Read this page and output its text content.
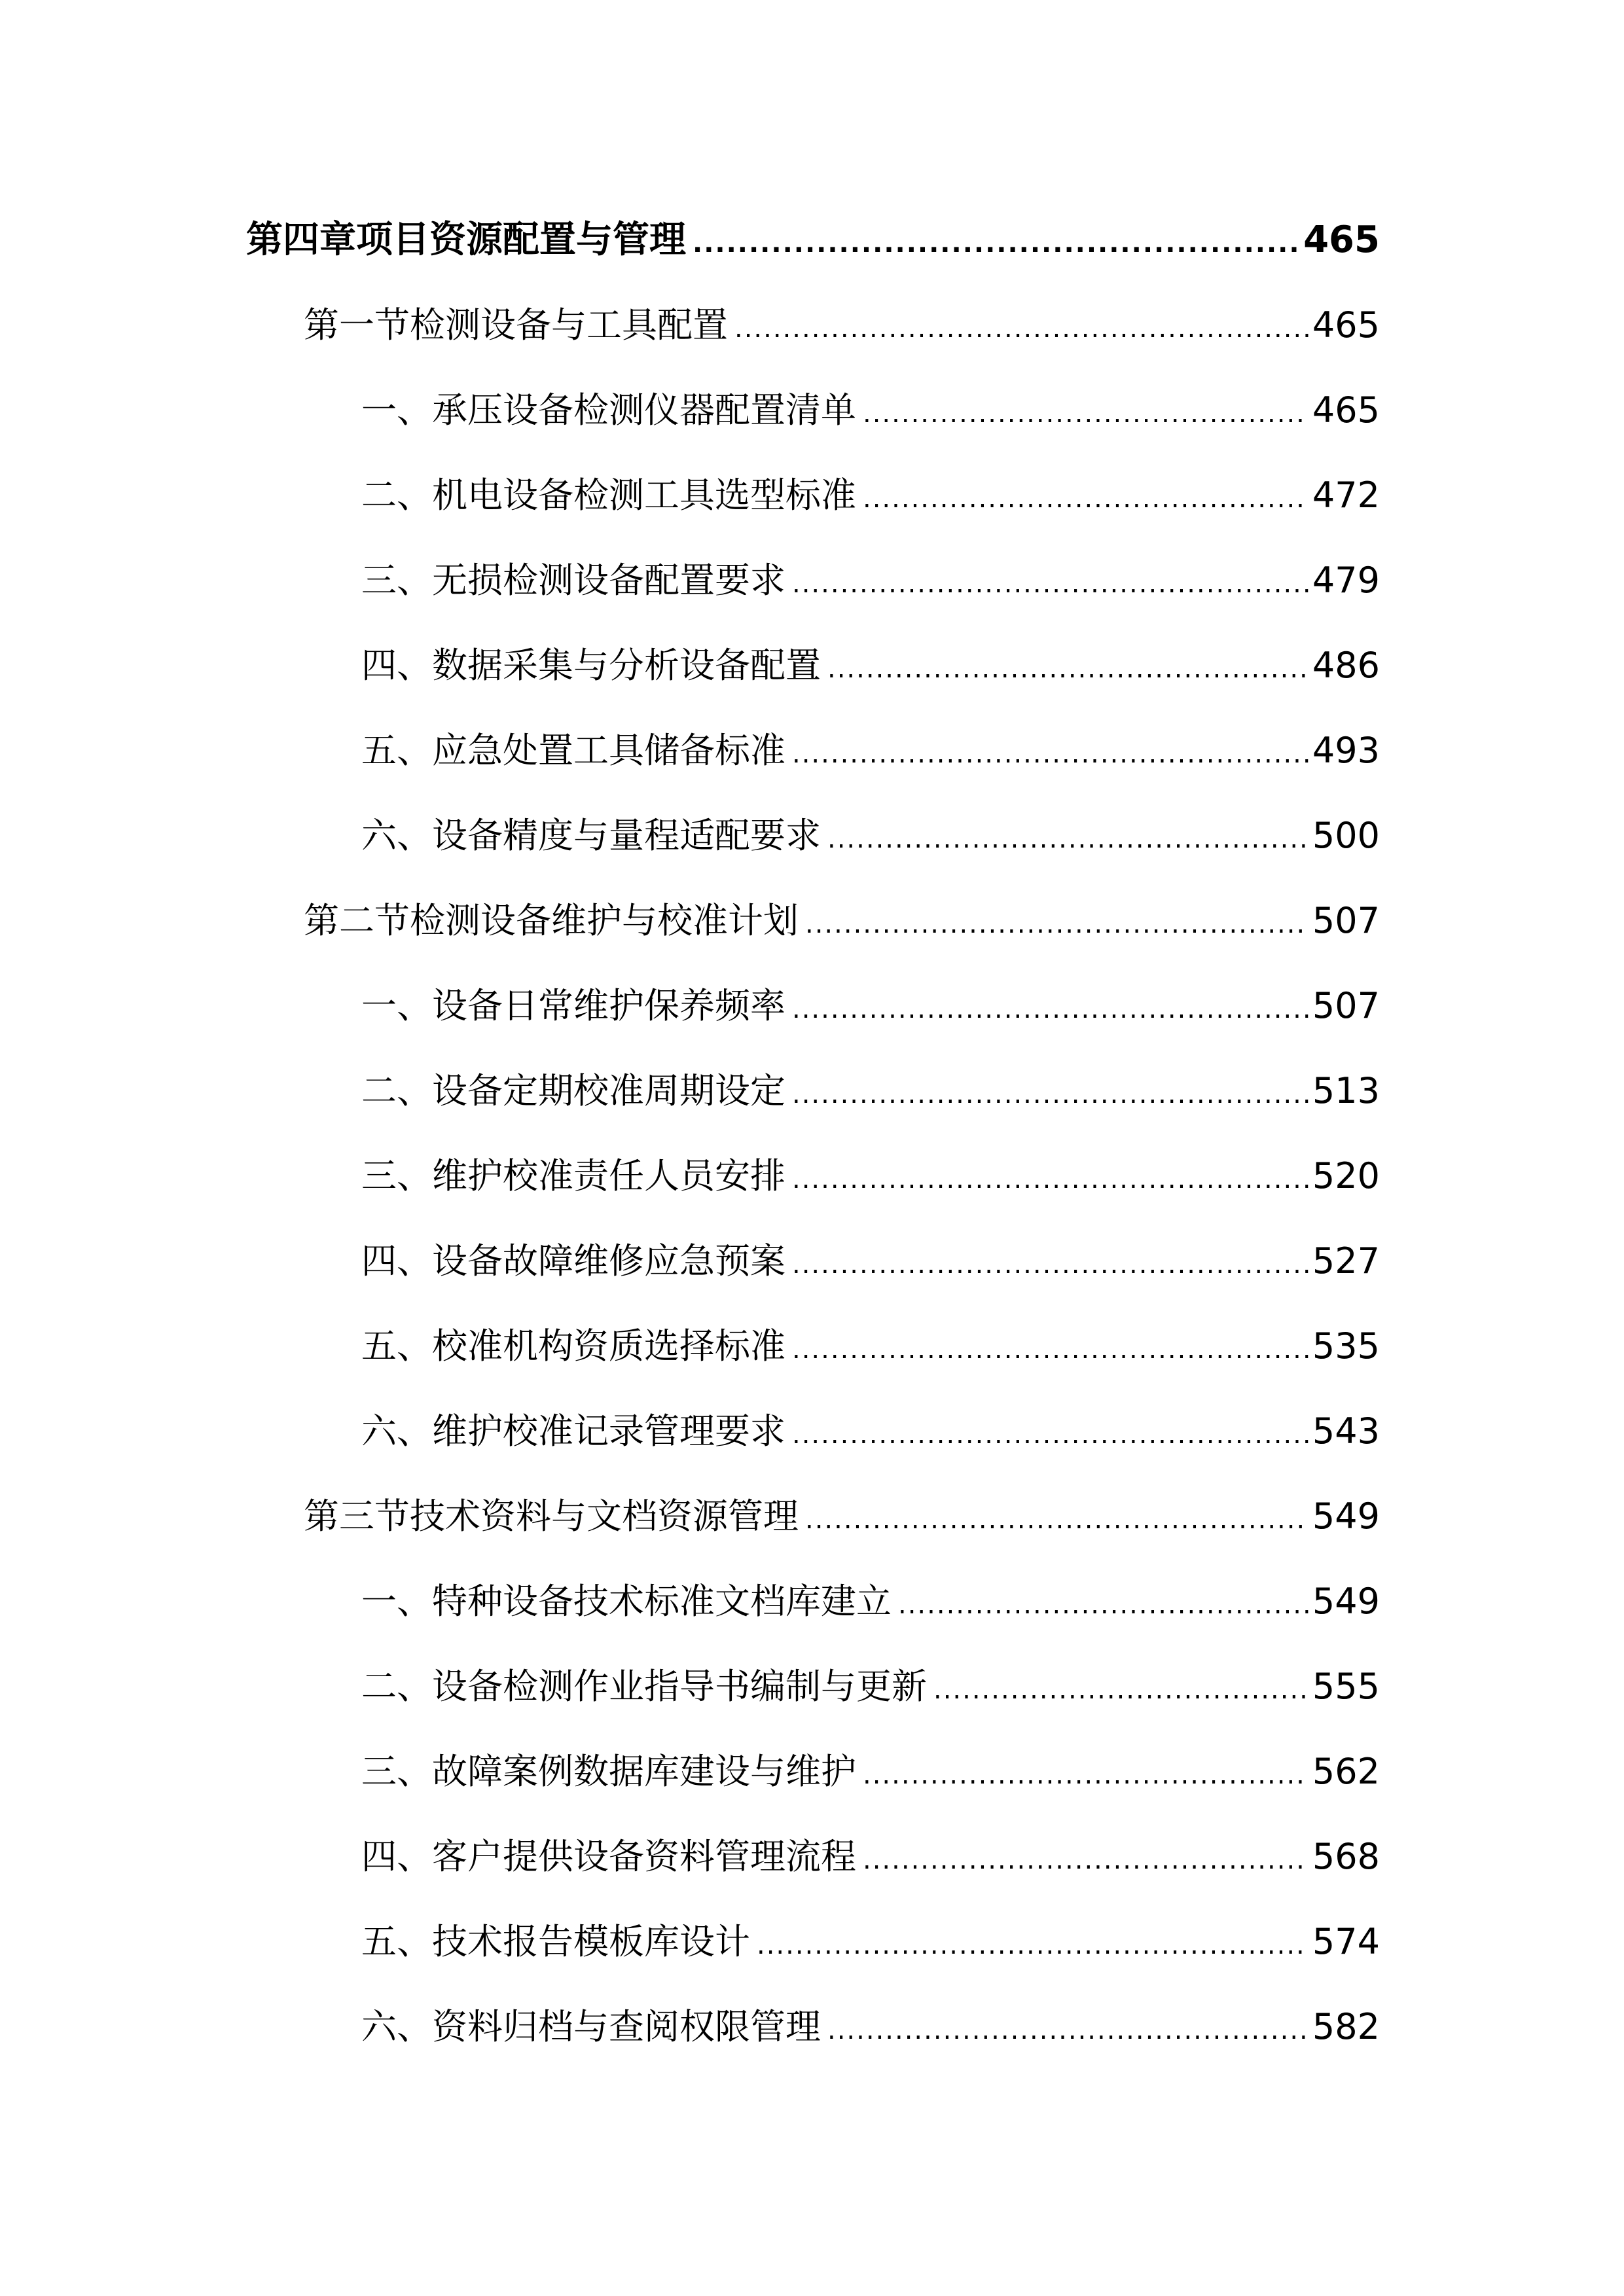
第四章项目资源配置与管理 .....	465
第一节检测设备与工具配置 .....	465
一、承压设备检测仪器配置清单 .....	465
二、机电设备检测工具选型标准 .....	472
三、无损检测设备配置要求 .....	479
四、数据采集与分析设备配置 .....	486
五、应急处置工具储备标准 .....	493
六、设备精度与量程适配要求 .....	500
第二节检测设备维护与校准计划 .....	507
一、设备日常维护保养频率 .....	507
二、设备定期校准周期设定 .....	513
三、维护校准责任人员安排 .....	520
四、设备故障维修应急预案 .....	527
五、校准机构资质选择标准 .....	535
六、维护校准记录管理要求 .....	543
第三节技术资料与文档资源管理 .....	549
一、特种设备技术标准文档库建立 .....	549
二、设备检测作业指导书编制与更新 .....	555
三、故障案例数据库建设与维护 .....	562
四、客户提供设备资料管理流程 .....	568
五、技术报告模板库设计 .....	574
六、资料归档与查阅权限管理 .....	582
